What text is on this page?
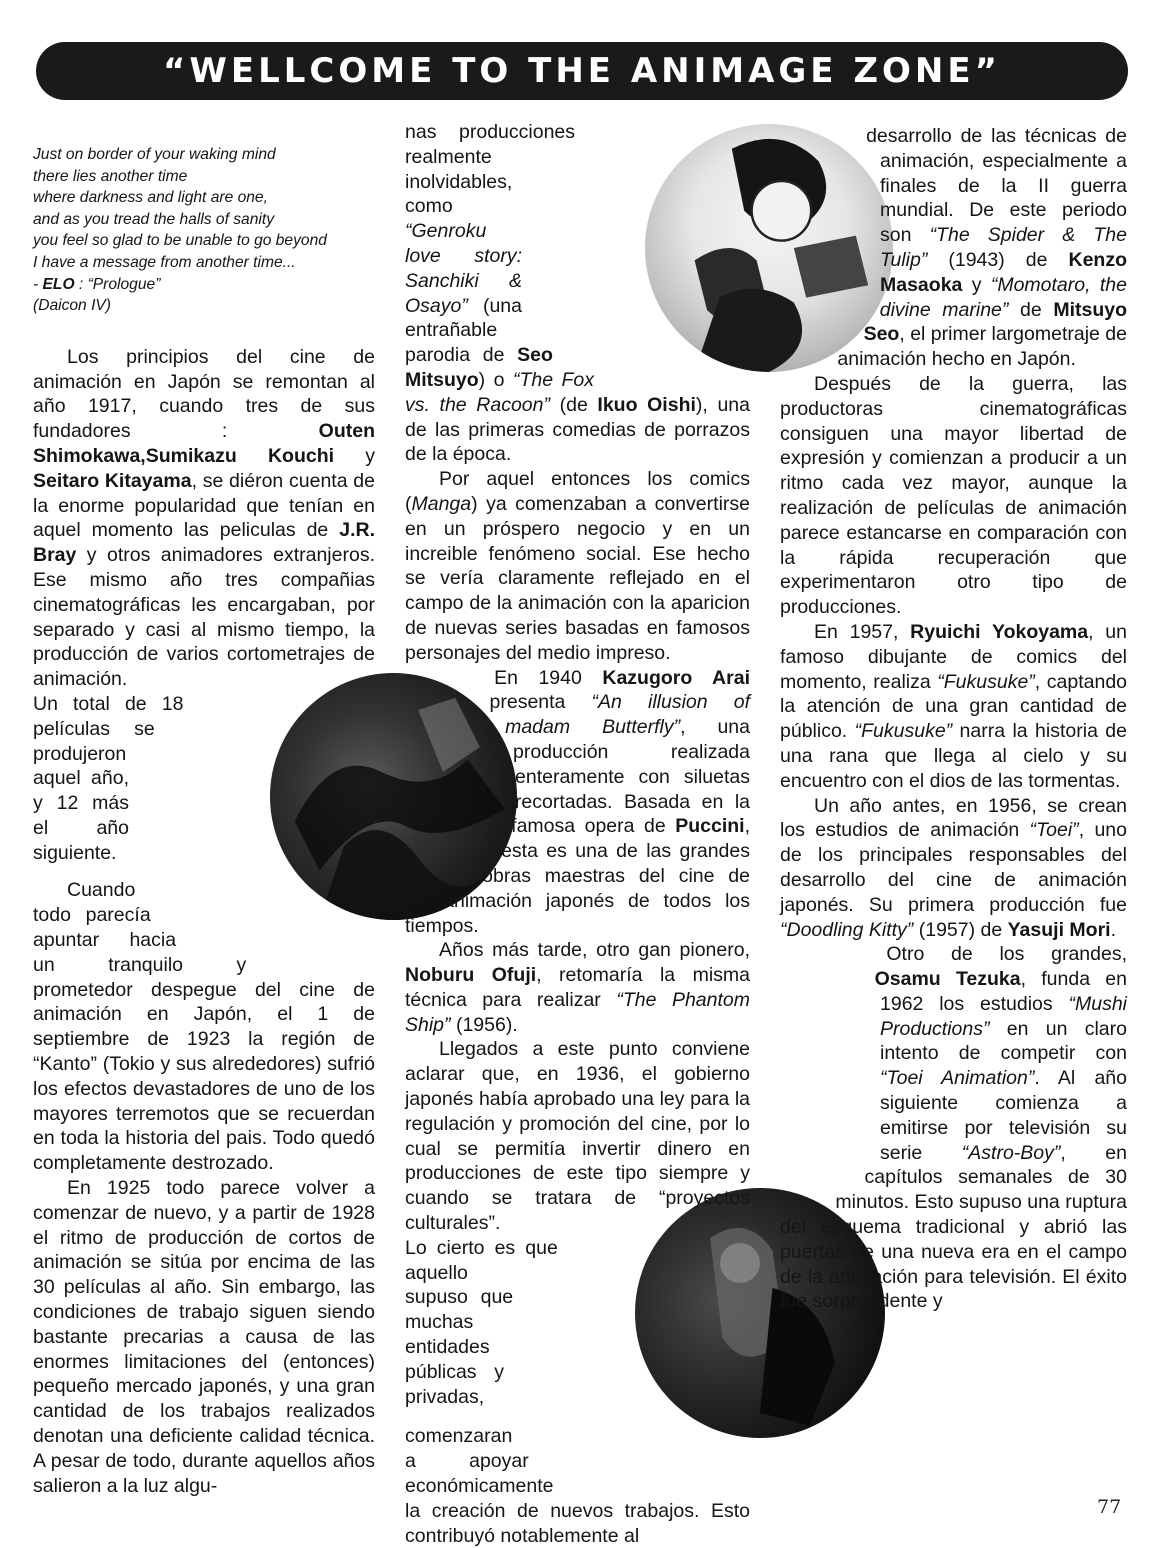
“WELLCOME TO THE ANIMAGE ZONE”
Just on border of your waking mind
there lies another time
where darkness and light are one,
and as you tread the halls of sanity
you feel so glad to be unable to go beyond
I have a message from another time...
- ELO : “Prologue”
(Daicon IV)

Los principios del cine de animación en Japón se remontan al año 1917, cuando tres de sus fundadores : Outen Shimokawa,Sumikazu Kouchi y Seitaro Kitayama, se diéron cuenta de la enorme popularidad que tenían en aquel momento las peliculas de J.R. Bray y otros animadores extranjeros. Ese mismo año tres compañias cinematográficas les encargaban, por separado y casi al mismo tiempo, la producción de varios cortometrajes de animación.

Un total de 18 películas se produjeron aquel año, y 12 más el año siguiente.

Cuando todo parecía apuntar hacia un tranquilo y prometedor despegue del cine de animación en Japón, el 1 de septiembre de 1923 la región de “Kanto” (Tokio y sus alrededores) sufrió los efectos devastadores de uno de los mayores terremotos que se recuerdan en toda la historia del pais. Todo quedó completamente destrozado.

En 1925 todo parece volver a comenzar de nuevo, y a partir de 1928 el ritmo de producción de cortos de animación se sitúa por encima de las 30 películas al año. Sin embargo, las condiciones de trabajo siguen siendo bastante precarias a causa de las enormes limitaciones del (entonces) pequeño mercado japonés, y una gran cantidad de los trabajos realizados denotan una deficiente calidad técnica. A pesar de todo, durante aquellos años salieron a la luz algu-

nas producciones realmente inolvidables, como “Genroku love story: Sanchiki & Osayo” (una entrañable parodia de Seo Mitsuyo) o “The Fox vs. the Racoon” (de Ikuo Oishi), una de las primeras comedias de porrazos de la época.

Por aquel entonces los comics (Manga) ya comenzaban a convertirse en un próspero negocio y en un increible fenómeno social. Ese hecho se vería claramente reflejado en el campo de la animación con la aparicion de nuevas series basadas en famosos personajes del medio impreso.

En 1940 Kazugoro Arai presenta “An illusion of madam Butterfly”, una producción realizada enteramente con siluetas recortadas. Basada en la famosa opera de Puccini, esta es una de las grandes obras maestras del cine de animación japonés de todos los tiempos.

Años más tarde, otro gan pionero, Noburu Ofuji, retomaría la misma técnica para realizar “The Phantom Ship” (1956).

Llegados a este punto conviene aclarar que, en 1936, el gobierno japonés había aprobado una ley para la regulación y promoción del cine, por lo cual se permitía invertir dinero en producciones de este tipo siempre y cuando se tratara de “proyectos culturales”.

Lo cierto es que aquello supuso que muchas entidades públicas y privadas, comenzaran a apoyar económicamente la creación de nuevos trabajos. Esto contribuyó notablemente al

desarrollo de las técnicas de animación, especialmente a finales de la II guerra mundial. De este periodo son “The Spider & The Tulip” (1943) de Kenzo Masaoka y “Momotaro, the divine marine” de Mitsuyo Seo, el primer largometraje de animación hecho en Japón.

Después de la guerra, las productoras cinematográficas consiguen una mayor libertad de expresión y comienzan a producir a un ritmo cada vez mayor, aunque la realización de películas de animación parece estancarse en comparación con la rápida recuperación que experimentaron otro tipo de producciones.

En 1957, Ryuichi Yokoyama, un famoso dibujante de comics del momento, realiza “Fukusuke”, captando la atención de una gran cantidad de público. “Fukusuke” narra la historia de una rana que llega al cielo y su encuentro con el dios de las tormentas.

Un año antes, en 1956, se crean los estudios de animación “Toei”, uno de los principales responsables del desarrollo del cine de animación japonés. Su primera producción fue “Doodling Kitty” (1957) de Yasuji Mori.

Otro de los grandes, Osamu Tezuka, funda en 1962 los estudios “Mushi Productions” en un claro intento de competir con “Toei Animation”. Al año siguiente comienza a emitirse por televisión su serie “Astro-Boy”, en capítulos semanales de 30 minutos. Esto supuso una ruptura del esquema tradicional y abrió las puertas de una nueva era en el campo de la animación para televisión. El éxito fue sorprendente y

77
